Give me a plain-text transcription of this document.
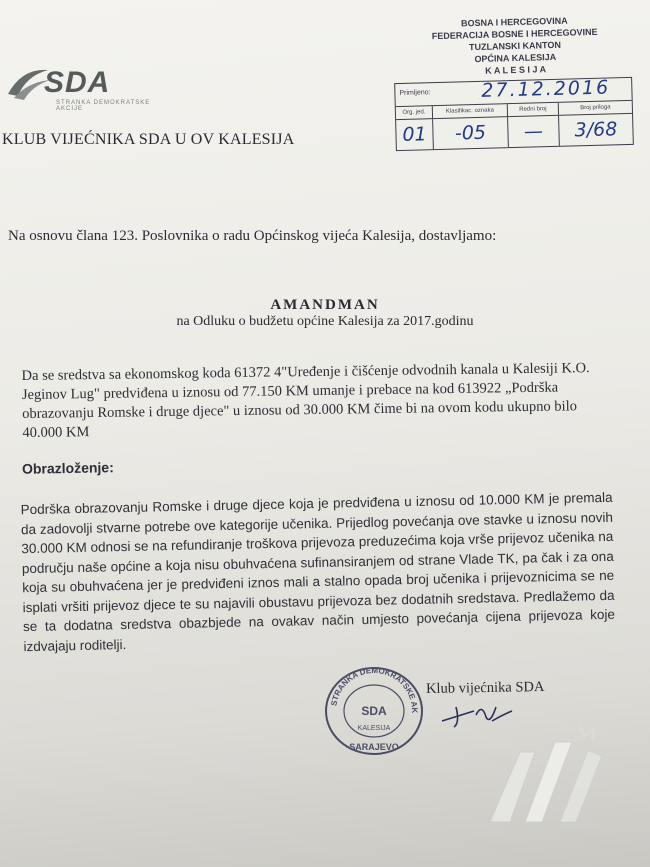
SDA
STRANKA DEMOKRATSKE AKCIJE
KLUB VIJEĆNIKA SDA U OV KALESIJA
BOSNA I HERCEGOVINA
FEDERACIJA BOSNE I HERCEGOVINE
TUZLANSKI KANTON
OPĆINA KALESIJA
K A L E S I J A
Primljeno:	27.12.2016
Org. jed.	Klasifikac. oznaka	Redni broj	Broj priloga
01	-05	—	3/68
Na osnovu člana 123. Poslovnika o radu Općinskog vijeća Kalesija, dostavljamo:
AMANDMAN
na Odluku o budžetu općine Kalesija za 2017.godinu
Da se sredstva sa ekonomskog koda 61372 4"Uređenje i čišćenje odvodnih kanala u Kalesiji K.O. Jeginov Lug" predviđena u iznosu od 77.150 KM umanje i prebace na kod 613922 „Podrška obrazovanju Romske i druge djece" u iznosu od 30.000 KM čime bi na ovom kodu ukupno bilo 40.000 KM
Obrazloženje:
Podrška obrazovanju Romske i druge djece koja je predviđena u iznosu od 10.000 KM je premala da zadovolji stvarne potrebe ove kategorije učenika. Prijedlog povećanja ove stavke u iznosu novih 30.000 KM odnosi se na refundiranje troškova prijevoza preduzećima koja vrše prijevoz učenika na području naše općine a koja nisu obuhvaćena sufinansiranjem od strane Vlade TK, pa čak i za ona koja su obuhvaćena jer je predviđeni iznos mali a stalno opada broj učenika i prijevoznicima se ne isplati vršiti prijevoz djece te su najavili obustavu prijevoza bez dodatnih sredstava. Predlažemo da se ta dodatna sredstva obazbjede na ovakav način umjesto povećanja cijena prijevoza koje izdvajaju roditelji.
STRANKA DEMOKRATSKE AK
SDA
KALESIJA
SARAJEVO
Klub vijećnika SDA
